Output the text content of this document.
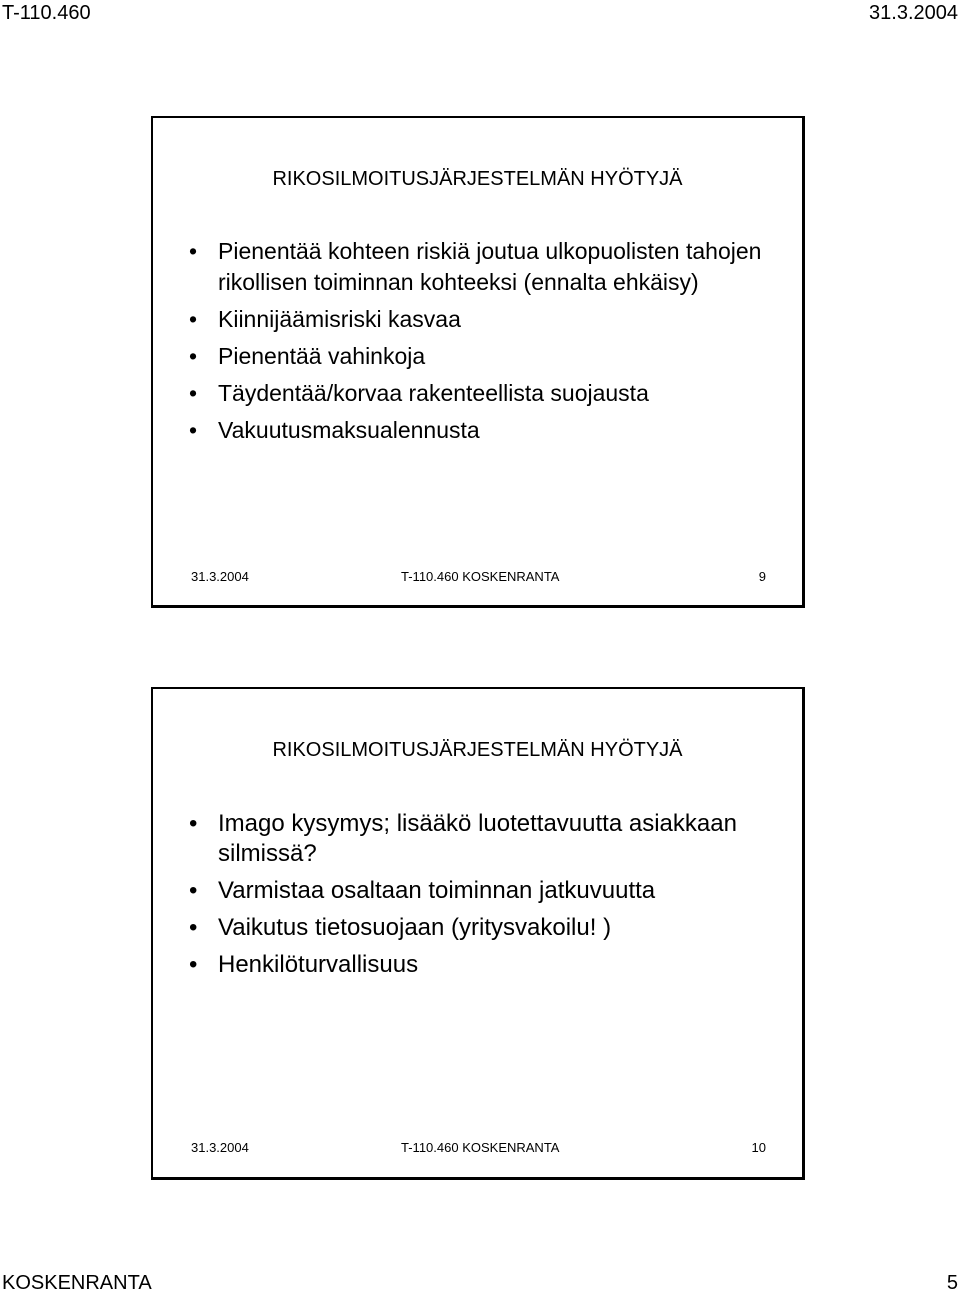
T-110.460	31.3.2004
RIKOSILMOITUSJÄRJESTELMÄN HYÖTYJÄ
• Pienentää kohteen riskiä joutua ulkopuolisten tahojen rikollisen toiminnan kohteeksi (ennalta ehkäisy)
• Kiinnijäämisriski kasvaa
• Pienentää vahinkoja
• Täydentää/korvaa rakenteellista suojausta
• Vakuutusmaksualennusta
31.3.2004	T-110.460 KOSKENRANTA	9
RIKOSILMOITUSJÄRJESTELMÄN HYÖTYJÄ
• Imago kysymys; lisääkö luotettavuutta asiakkaan silmissä?
• Varmistaa osaltaan toiminnan jatkuvuutta
• Vaikutus tietosuojaan (yritysvakoilu! )
• Henkilöturvallisuus
31.3.2004	T-110.460 KOSKENRANTA	10
KOSKENRANTA	5
